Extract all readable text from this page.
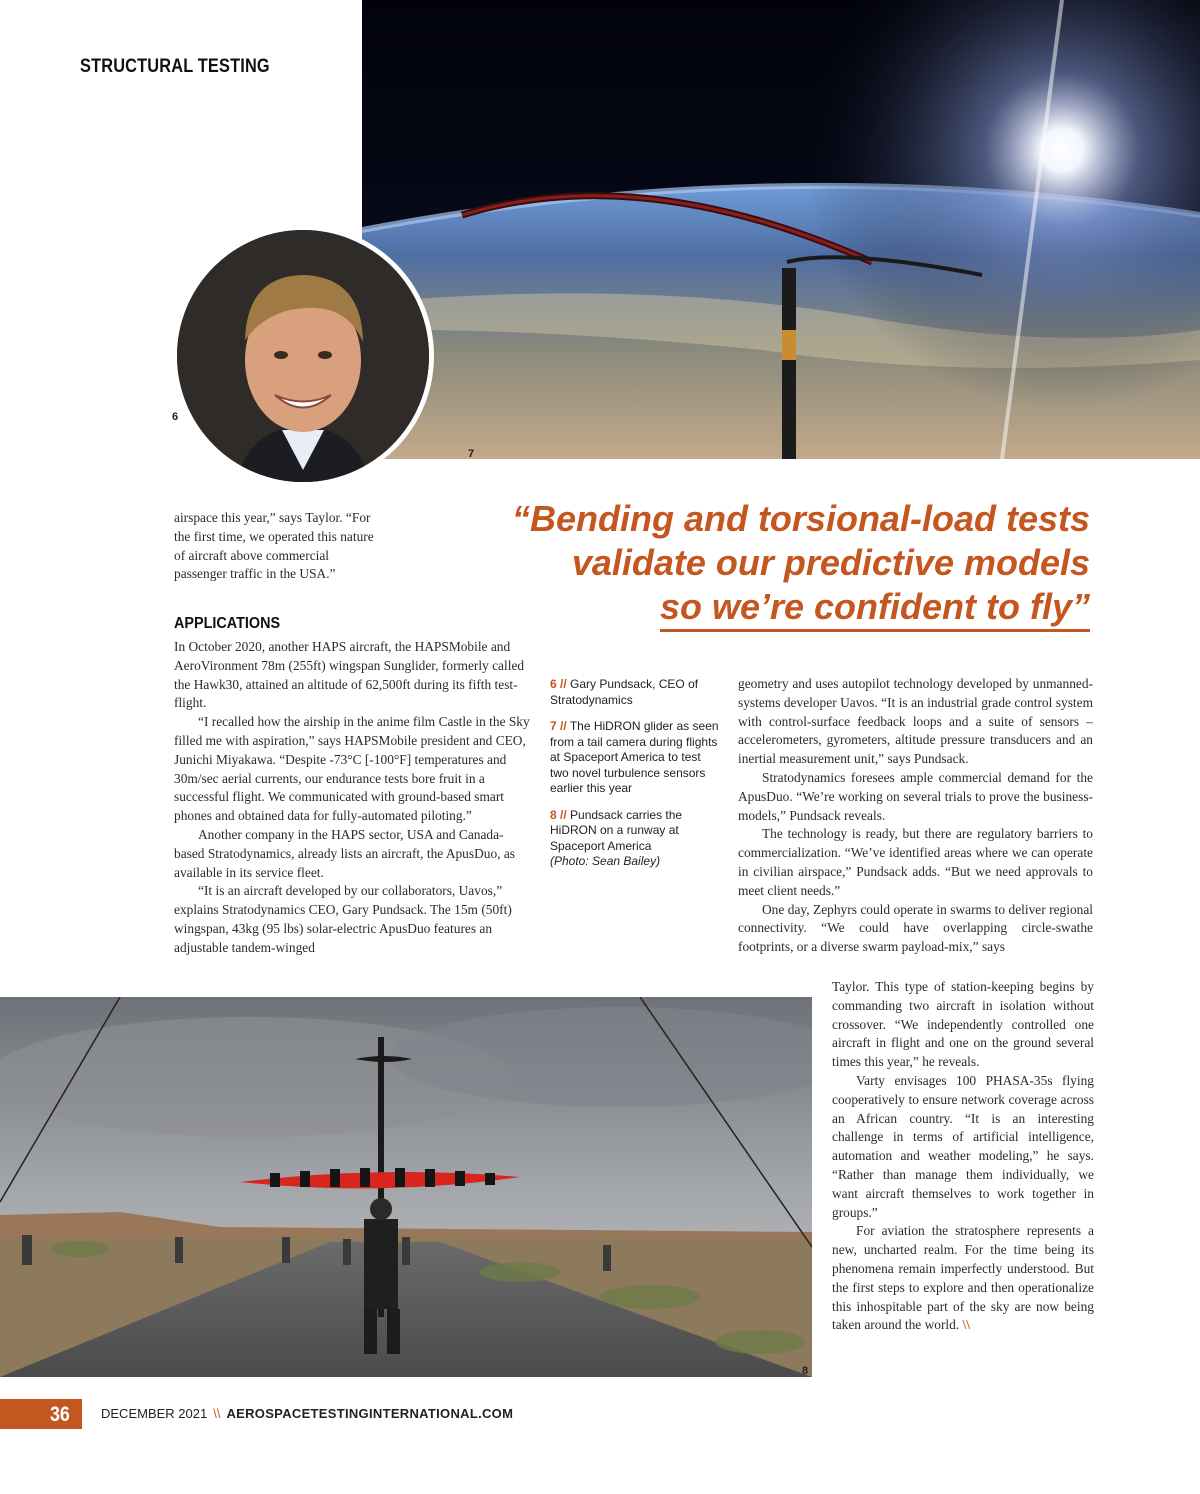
STRUCTURAL TESTING
6
7

airspace this year,” says Taylor. “For the first time, we operated this nature of aircraft above commercial passenger traffic in the USA.”

“Bending and torsional-load tests
validate our predictive models
so we’re confident to fly”
APPLICATIONS

In October 2020, another HAPS aircraft, the HAPSMobile and AeroVironment 78m (255ft) wingspan Sunglider, formerly called the Hawk30, attained an altitude of 62,500ft during its fifth test-flight.

“I recalled how the airship in the anime film Castle in the Sky filled me with aspiration,” says HAPSMobile president and CEO, Junichi Miyakawa. “Despite -73°C [-100°F] temperatures and 30m/sec aerial currents, our endurance tests bore fruit in a successful flight. We communicated with ground-based smart phones and obtained data for fully-automated piloting.”

Another company in the HAPS sector, USA and Canada-based Stratodynamics, already lists an aircraft, the ApusDuo, as available in its service fleet.

“It is an aircraft developed by our collaborators, Uavos,” explains Stratodynamics CEO, Gary Pundsack. The 15m (50ft) wingspan, 43kg (95 lbs) solar-electric ApusDuo features an adjustable tandem-winged

6 // Gary Pundsack, CEO of Stratodynamics
7 // The HiDRON glider as seen from a tail camera during flights at Spaceport America to test two novel turbulence sensors earlier this year
8 // Pundsack carries the HiDRON on a runway at Spaceport America
(Photo: Sean Bailey)

geometry and uses autopilot technology developed by unmanned-systems developer Uavos. “It is an industrial grade control system with control-surface feedback loops and a suite of sensors – accelerometers, gyrometers, altitude pressure transducers and an inertial measurement unit,” says Pundsack.

Stratodynamics foresees ample commercial demand for the ApusDuo. “We’re working on several trials to prove the business-models,” Pundsack reveals.

The technology is ready, but there are regulatory barriers to commercialization. “We’ve identified areas where we can operate in civilian airspace,” Pundsack adds. “But we need approvals to meet client needs.”

One day, Zephyrs could operate in swarms to deliver regional connectivity. “We could have overlapping circle-swathe footprints, or a diverse swarm payload-mix,” says

Taylor. This type of station-keeping begins by commanding two aircraft in isolation without crossover. “We independently controlled one aircraft in flight and one on the ground several times this year,” he reveals.

Varty envisages 100 PHASA-35s flying cooperatively to ensure network coverage across an African country. “It is an interesting challenge in terms of artificial intelligence, automation and weather modeling,” he says. “Rather than manage them individually, we want aircraft themselves to work together in groups.”

For aviation the stratosphere represents a new, uncharted realm. For the time being its phenomena remain imperfectly understood. But the first steps to explore and then operationalize this inhospitable part of the sky are now being taken around the world. \\

8
36 DECEMBER 2021 \\ AEROSPACETESTINGINTERNATIONAL.COM
